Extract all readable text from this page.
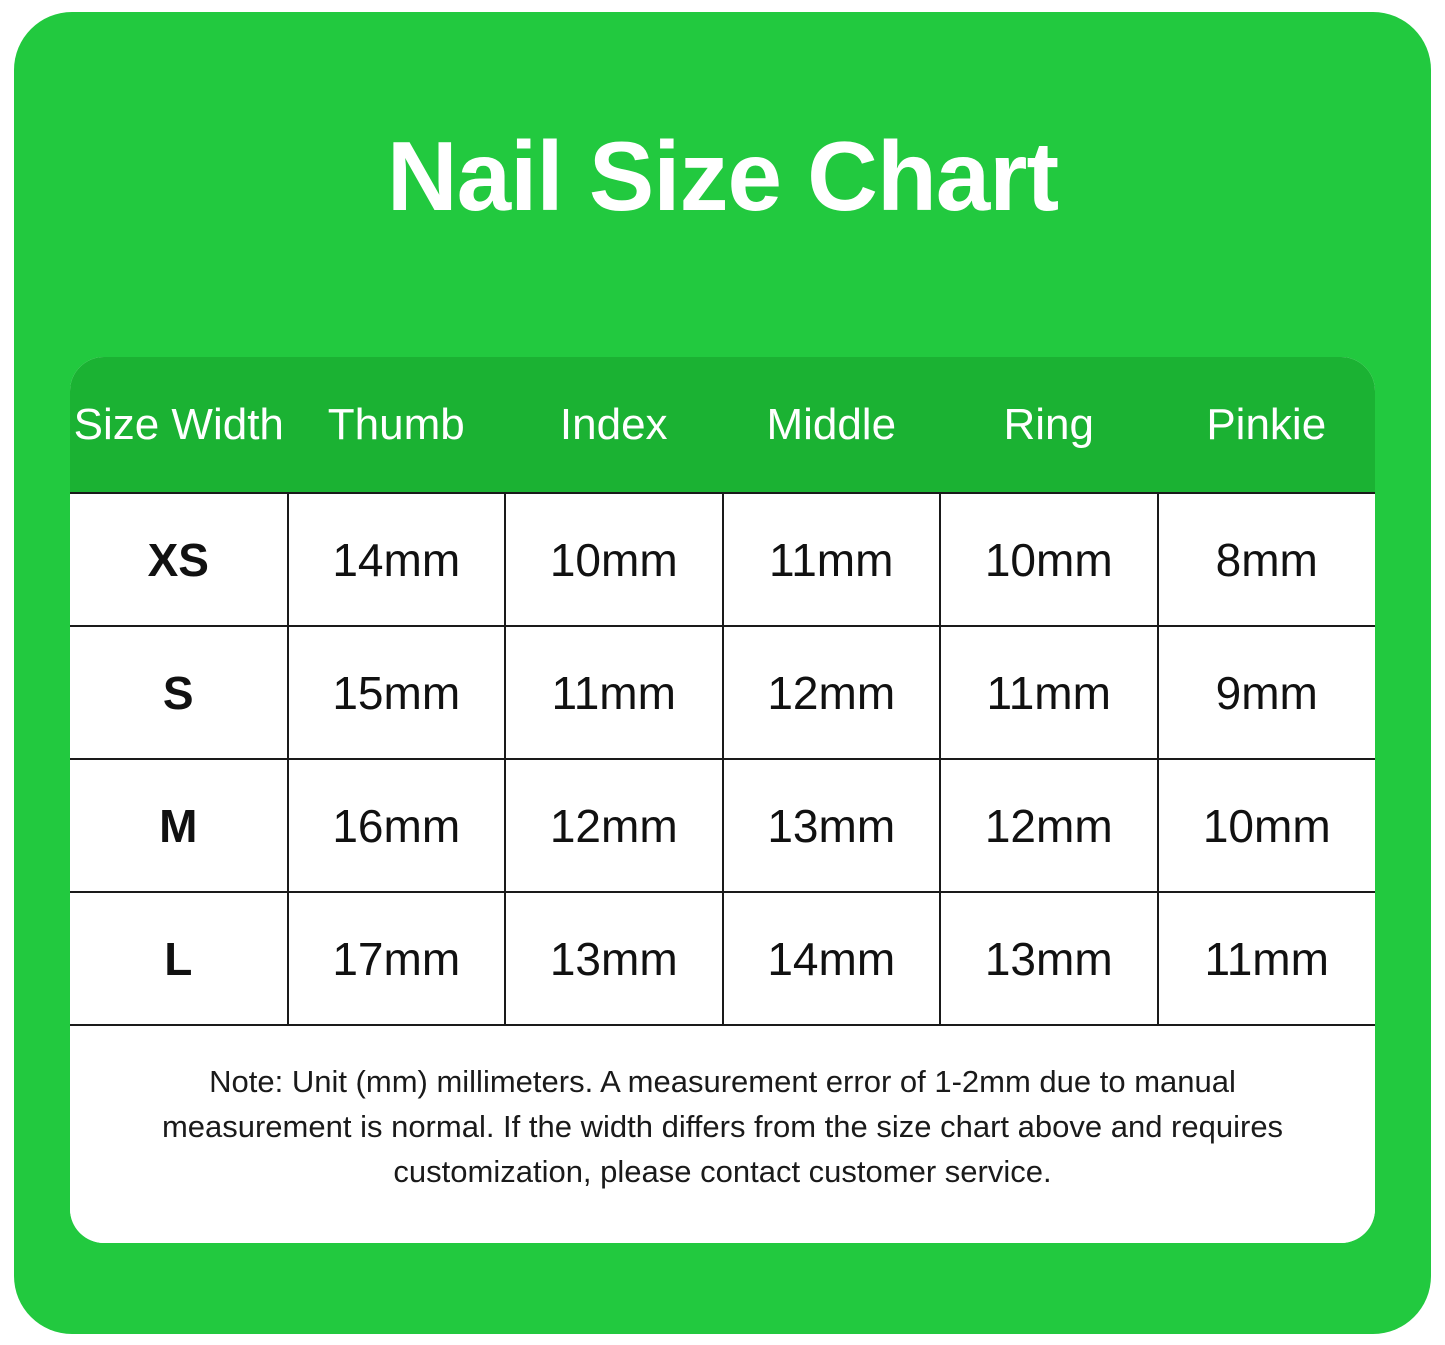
Nail Size Chart
Size Width	Thumb	Index	Middle	Ring	Pinkie
XS	14mm	10mm	11mm	10mm	8mm
S	15mm	11mm	12mm	11mm	9mm
M	16mm	12mm	13mm	12mm	10mm
L	17mm	13mm	14mm	13mm	11mm

Note: Unit (mm) millimeters. A measurement error of 1-2mm due to manual measurement is normal. If the width differs from the size chart above and requires customization, please contact customer service.					
